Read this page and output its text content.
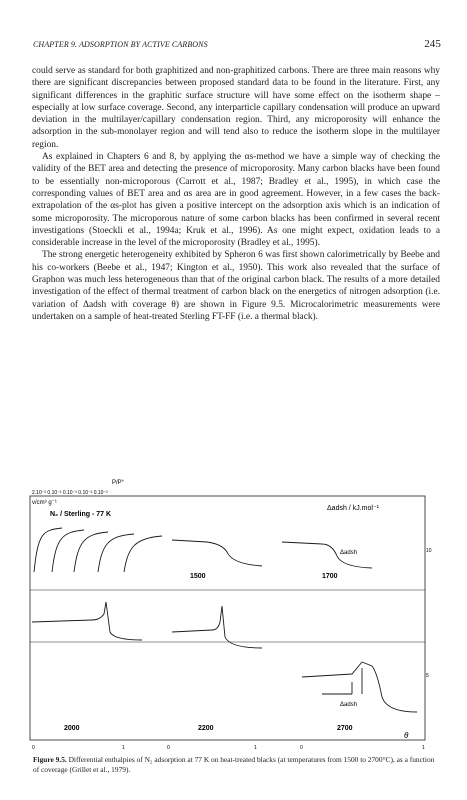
CHAPTER 9. ADSORPTION BY ACTIVE CARBONS	245

could serve as standard for both graphitized and non-graphitized carbons. There are three main reasons why there are significant discrepancies between proposed standard data to be found in the literature. First, any significant differences in the graphitic surface structure will have some effect on the isotherm shape – especially at low surface coverage. Second, any interparticle capillary condensation will produce an upward deviation in the multilayer/capillary condensation region. Third, any microporosity will enhance the adsorption in the sub-monolayer region and will tend also to reduce the isotherm slope in the multilayer region.

As explained in Chapters 6 and 8, by applying the αs-method we have a simple way of checking the validity of the BET area and detecting the presence of microporosity. Many carbon blacks have been found to be essentially non-microporous (Carrott et al., 1987; Bradley et al., 1995), in which case the corresponding values of BET area and αs area are in good agreement. However, in a few cases the back-extrapolation of the αs-plot has given a positive intercept on the adsorption axis which is an indication of some microporosity. The microporous nature of some carbon blacks has been confirmed in several recent investigations (Stoeckli et al., 1994a; Kruk et al., 1996). As one might expect, oxidation leads to a considerable increase in the level of the microporosity (Bradley et al., 1995).

The strong energetic heterogeneity exhibited by Spheron 6 was first shown calorimetrically by Beebe and his co-workers (Beebe et al., 1947; Kington et al., 1950). This work also revealed that the surface of Graphon was much less heterogeneous than that of the original carbon black. The results of a more detailed investigation of the effect of thermal treatment of carbon black on the energetics of nitrogen adsorption (i.e. variation of Δadsh with coverage θ) are shown in Figure 9.5. Microcalorimetric measurements were undertaken on a sample of heat-treated Sterling FT-FF (i.e. a thermal black).

P/P°
2.10⁻² 0.10⁻² 0.10⁻² 0.10⁻² 0.10⁻²
v/cm³ g⁻¹
N₂ / Sterling - 77 K
Δadsh / kJ.mol⁻¹
1500	1700
2000	2200	2700
Δadsh
Δadsh
10
5
θ
0	1	0	1	0	1
Figure 9.5. Differential enthalpies of N₂ adsorption at 77 K on heat-treated blacks (at temperatures from 1500 to 2700°C), as a function of coverage (Grillet et al., 1979).
